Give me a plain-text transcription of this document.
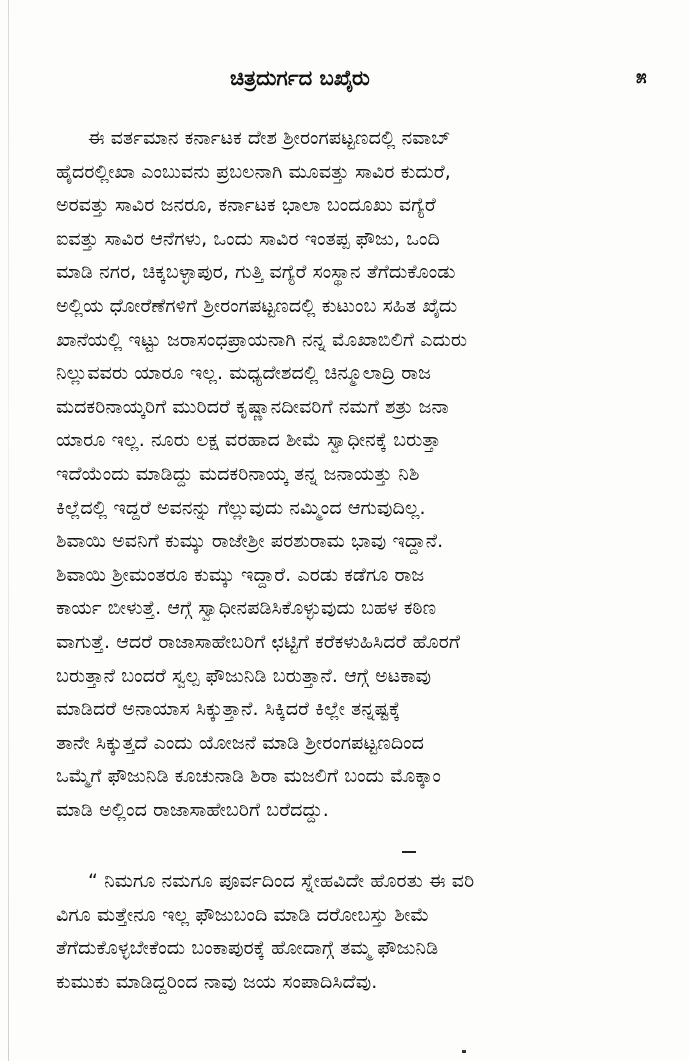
ಚಿತ್ರದುರ್ಗದ ಬಖೈರು	೫
ಈ ವರ್ತಮಾನ ಕರ್ನಾಟಕ ದೇಶ ಶ್ರೀರಂಗಪಟ್ಟಣದಲ್ಲಿ ನವಾಬ್
ಹೈದರಲ್ಲೀಖಾ ಎಂಬುವನು ಪ್ರಬಲನಾಗಿ ಮೂವತ್ತು ಸಾವಿರ ಕುದುರೆ,
ಅರವತ್ತು ಸಾವಿರ ಜನರೂ, ಕರ್ನಾಟಕ ಭಾಲಾ ಬಂದೂಖು ವಗ್ಯೆರೆ
ಐವತ್ತು ಸಾವಿರ ಆನೆಗಳು, ಒಂದು ಸಾವಿರ ಇಂತಪ್ಪ ಫೌಜು, ಒಂದಿ
ಮಾಡಿ ನಗರ, ಚಿಕ್ಕಬಳ್ಳಾಪುರ, ಗುತ್ತಿ ವಗ್ಯೆರೆ ಸಂಸ್ಥಾನ ತೆಗೆದುಕೊಂಡು
ಅಲ್ಲಿಯ ಧೋರೆಣೆಗಳಿಗೆ ಶ್ರೀರಂಗಪಟ್ಟಣದಲ್ಲಿ ಕುಟುಂಬ ಸಹಿತ ಖೈದು
ಖಾನೆಯಲ್ಲಿ ಇಟ್ಟು ಜರಾಸಂಧಪ್ರಾಯನಾಗಿ ನನ್ನ ಮೊಖಾಬಿಲಿಗೆ ಎದುರು
ನಿಲ್ಲುವವರು ಯಾರೂ ಇಲ್ಲ. ಮಧ್ಯದೇಶದಲ್ಲಿ ಚಿನ್ಮೂಲಾದ್ರಿ ರಾಜ
ಮದಕರಿನಾಯ್ಕರಿಗೆ ಮುರಿದರೆ ಕೃಷ್ಣಾನದೀವರಿಗೆ ನಮಗೆ ಶತ್ರು ಜನಾ
ಯಾರೂ ಇಲ್ಲ. ನೂರು ಲಕ್ಷ ವರಹಾದ ಶೀಮೆ ಸ್ವಾಧೀನಕ್ಕೆ ಬರುತ್ತಾ
ಇದೆಯೆಂದು ಮಾಡಿದ್ದು ಮದಕರಿನಾಯ್ಕ ತನ್ನ ಜನಾಯತ್ತು ನಿಶಿ
ಕಿಲ್ಲೆದಲ್ಲಿ ಇದ್ದರೆ ಅವನನ್ನು ಗೆಲ್ಲುವುದು ನಮ್ಮಿಂದ ಆಗುವುದಿಲ್ಲ.
ಶಿವಾಯಿ ಅವನಿಗೆ ಕುಮ್ಕು ರಾಜೇಶ್ರೀ ಪರಶುರಾಮ ಭಾವು ಇದ್ದಾನೆ.
ಶಿವಾಯಿ ಶ್ರೀಮಂತರೂ ಕುಮ್ಕು ಇದ್ದಾರೆ. ಎರಡು ಕಡೆಗೂ ರಾಜ
ಕಾರ್ಯ ಬೀಳುತ್ತೆ. ಆಗ್ಗೆ ಸ್ವಾಧೀನಪಡಿಸಿಕೊಳ್ಳುವುದು ಬಹಳ ಕಠಿಣ
ವಾಗುತ್ತೆ. ಆದರೆ ರಾಜಾಸಾಹೇಬರಿಗೆ ಛಟ್ಟಿಗೆ ಕರೆಕಳುಹಿಸಿದರೆ ಹೊರಗೆ
ಬರುತ್ತಾನೆ ಬಂದರೆ ಸ್ವಲ್ಪ ಫೌಜುನಿಡಿ ಬರುತ್ತಾನೆ. ಆಗ್ಗೆ ಅಟಕಾವು
ಮಾಡಿದರೆ ಅನಾಯಾಸ ಸಿಕ್ಕುತ್ತಾನೆ. ಸಿಕ್ಕಿದರೆ ಕಿಲ್ಲೇ ತನ್ನಷ್ಟಕ್ಕೆ
ತಾನೇ ಸಿಕ್ಕುತ್ತದೆ ಎಂದು ಯೋಜನೆ ಮಾಡಿ ಶ್ರೀರಂಗಪಟ್ಟಣದಿಂದ
ಒಮ್ಮೆಗೆ ಫೌಜುನಿಡಿ ಕೂಚುನಾಡಿ ಶಿರಾ ಮಜಲಿಗೆ ಬಂದು ಮೊಕ್ಕಾಂ
ಮಾಡಿ ಅಲ್ಲಿಂದ ರಾಜಾಸಾಹೇಬರಿಗೆ ಬರೆದದ್ದು.
“ ನಿಮಗೂ ನಮಗೂ ಪೂರ್ವದಿಂದ ಸ್ನೇಹವಿದೇ ಹೊರತು ಈ ವರಿ
ವಿಗೂ ಮತ್ತೇನೂ ಇಲ್ಲ ಫೌಜುಬಂದಿ ಮಾಡಿ ದರೋಬಸ್ತು ಶೀಮೆ
ತೆಗೆದುಕೊಳ್ಳಬೇಕೆಂದು ಬಂಕಾಪುರಕ್ಕೆ ಹೋದಾಗ್ಗೆ ತಮ್ಮ ಫೌಜುನಿಡಿ
ಕುಮುಕು ಮಾಡಿದ್ದರಿಂದ ನಾವು ಜಯ ಸಂಪಾದಿಸಿದೆವು.
